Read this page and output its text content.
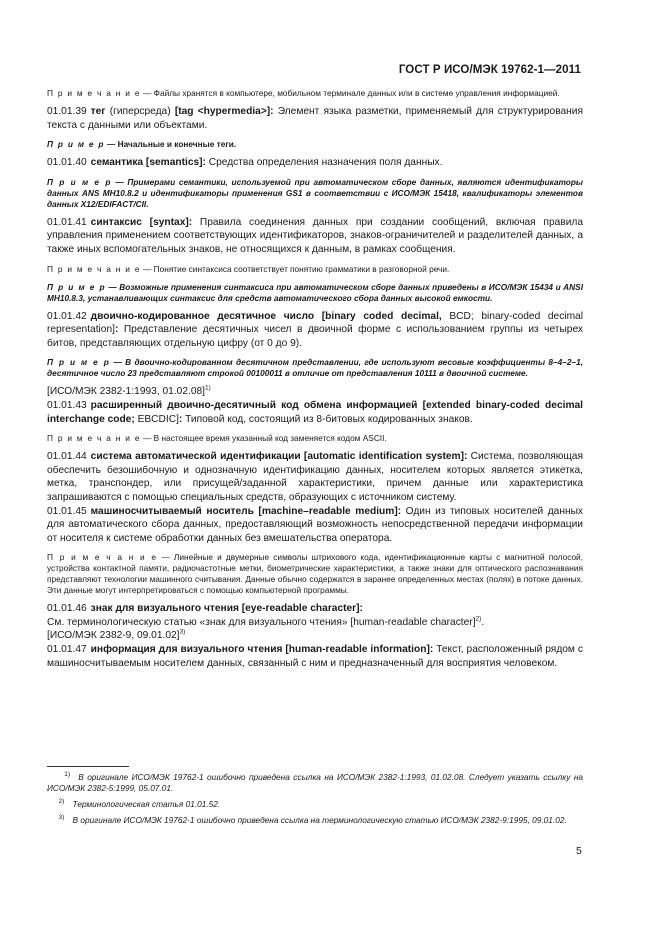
ГОСТ Р ИСО/МЭК 19762-1—2011

П р и м е ч а н и е — Файлы хранятся в компьютере, мобильном терминале данных или в системе управления информацией.

01.01.39 тег (гиперсреда) [tag <hypermedia>]: Элемент языка разметки, применяемый для структурирования текста с данными или объектами.

П р и м е р — Начальные и конечные теги.

01.01.40 семантика [semantics]: Средства определения назначения поля данных.

П р и м е р — Примерами семантики, используемой при автоматическом сборе данных, являются идентификаторы данных ANS MH10.8.2 и идентификаторы применения GS1 в соответствии с ИСО/МЭК 15418, квалификаторы элементов данных X12/EDIFACT/CII.

01.01.41 синтаксис [syntax]: Правила соединения данных при создании сообщений, включая правила управления применением соответствующих идентификаторов, знаков-ограничителей и разделителей данных, а также иных вспомогательных знаков, не относящихся к данным, в рамках сообщения.

П р и м е ч а н и е — Понятие синтаксиса соответствует понятию грамматики в разговорной речи.

П р и м е р — Возможные применения синтаксиса при автоматическом сборе данных приведены в ИСО/МЭК 15434 и ANSI MH10.8.3, устанавливающих синтаксис для средств автоматического сбора данных высокой емкости.

01.01.42 двоично-кодированное десятичное число [binary coded decimal, BCD; binary-coded decimal representation]: Представление десятичных чисел в двоичной форме с использованием группы из четырех битов, представляющих отдельную цифру (от 0 до 9).

П р и м е р — В двоично-кодированном десятичном представлении, где используют весовые коэффициенты 8–4–2–1, десятичное число 23 представляют строкой 00100011 в отличие от представления 10111 в двоичной системе.

[ИСО/МЭК 2382-1:1993, 01.02.08]$^{1)}$

01.01.43 расширенный двоично-десятичный код обмена информацией [extended binary-coded decimal interchange code; EBCDIC]: Типовой код, состоящий из 8-битовых кодированных знаков.

П р и м е ч а н и е — В настоящее время указанный код заменяется кодом ASCII.

01.01.44 система автоматической идентификации [automatic identification system]: Система, позволяющая обеспечить безошибочную и однозначную идентификацию данных, носителем которых является этикетка, метка, транспондер, или присущей/заданной характеристики, причем данные или характеристика запрашиваются с помощью специальных средств, образующих с источником систему.

01.01.45 машиносчитываемый носитель [machine–readable medium]: Один из типовых носителей данных для автоматического сбора данных, предоставляющий возможность непосредственной передачи информации от носителя к системе обработки данных без вмешательства оператора.

П р и м е ч а н и е — Линейные и двумерные символы штрихового кода, идентификационные карты с магнитной полосой, устройства контактной памяти, радиочастотные метки, биометрические характеристики, а также знаки для оптического распознавания представляют технологии машинного считывания. Данные обычно содержатся в заранее определенных местах (полях) в потоке данных. Эти данные могут интерпретироваться с помощью компьютерной программы.

01.01.46 знак для визуального чтения [eye-readable character]:

См. терминологическую статью «знак для визуального чтения» [human-readable character]$^{2)}$.

[ИСО/МЭК 2382-9, 09.01.02]$^{3)}$

01.01.47 информация для визуального чтения [human-readable information]: Текст, расположенный рядом с машиносчитываемым носителем данных, связанный с ним и предназначенный для восприятия человеком.

1) В оригинале ИСО/МЭК 19762-1 ошибочно приведена ссылка на ИСО/МЭК 2382-1:1993, 01.02.08. Следует указать ссылку на ИСО/МЭК 2382-5:1999, 05.07.01.

2) Терминологическая статья 01.01.52.

3) В оригинале ИСО/МЭК 19762-1 ошибочно приведена ссылка на терминологическую статью ИСО/МЭК 2382-9:1995, 09.01.02.

5
